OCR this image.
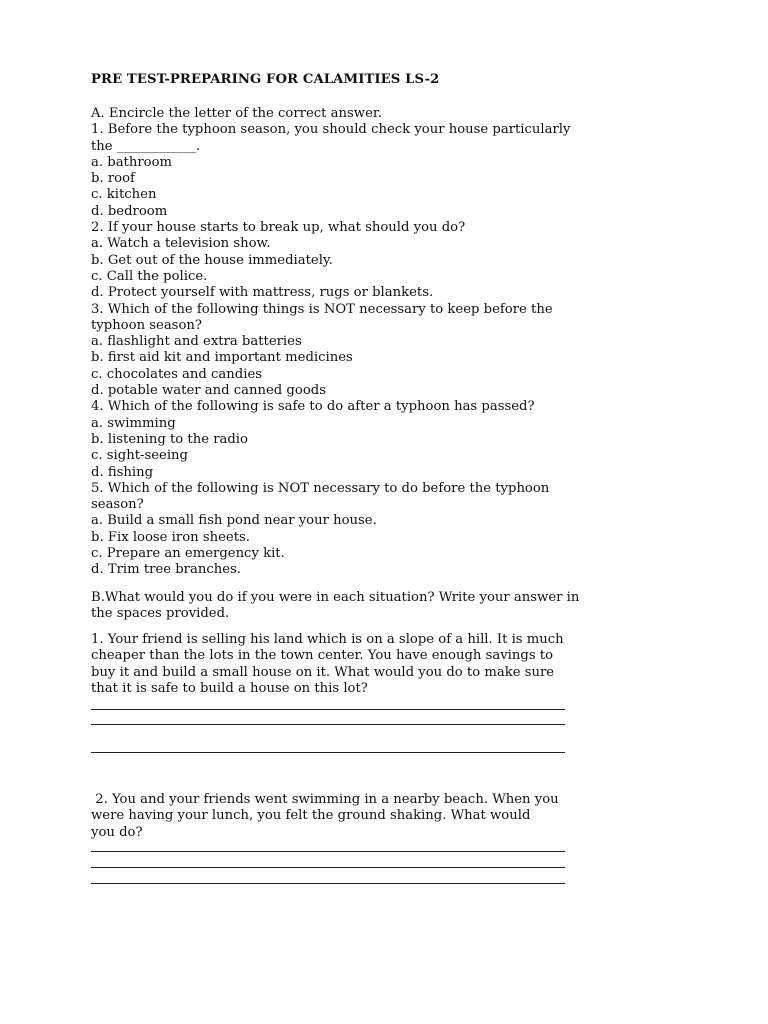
PRE TEST-PREPARING FOR CALAMITIES LS-2
A. Encircle the letter of the correct answer.
1. Before the typhoon season, you should check your house particularly
the ____________.
a. bathroom
b. roof
c. kitchen
d. bedroom
2. If your house starts to break up, what should you do?
a. Watch a television show.
b. Get out of the house immediately.
c. Call the police.
d. Protect yourself with mattress, rugs or blankets.
3. Which of the following things is NOT necessary to keep before the
typhoon season?
a. flashlight and extra batteries
b. first aid kit and important medicines
c. chocolates and candies
d. potable water and canned goods
4. Which of the following is safe to do after a typhoon has passed?
a. swimming
b. listening to the radio
c. sight-seeing
d. fishing
5. Which of the following is NOT necessary to do before the typhoon
season?
a. Build a small fish pond near your house.
b. Fix loose iron sheets.
c. Prepare an emergency kit.
d. Trim tree branches.
B.What would you do if you were in each situation? Write your answer in
the spaces provided.
1. Your friend is selling his land which is on a slope of a hill. It is much
cheaper than the lots in the town center. You have enough savings to
buy it and build a small house on it. What would you do to make sure
that it is safe to build a house on this lot?
2. You and your friends went swimming in a nearby beach. When you
were having your lunch, you felt the ground shaking. What would
you do?
